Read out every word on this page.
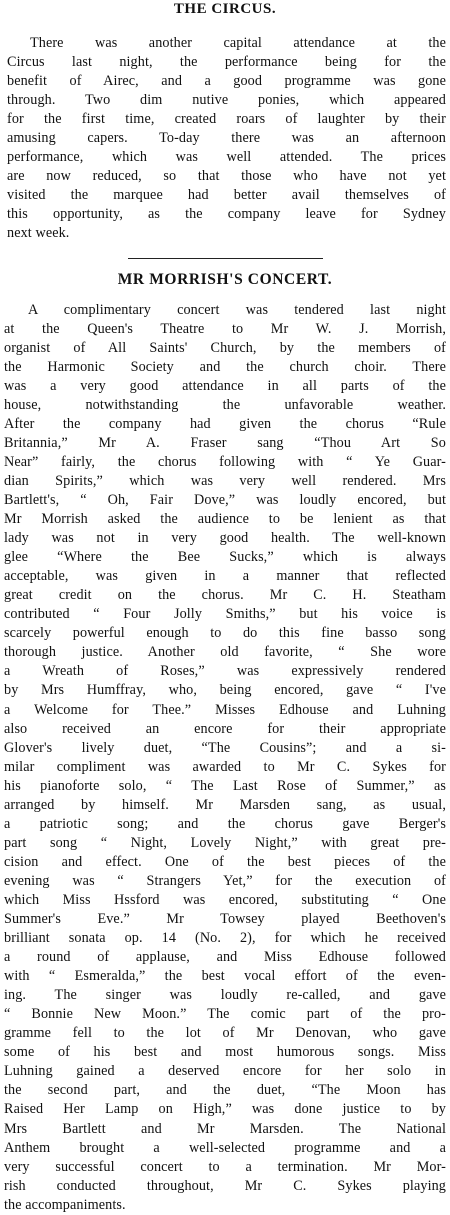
THE CIRCUS.
There was another capital attendance at the
Circus last night, the performance being for the
benefit of Airec, and a good programme was gone
through. Two dim nutive ponies, which appeared
for the first time, created roars of laughter by their
amusing capers. To-day there was an afternoon
performance, which was well attended. The prices
are now reduced, so that those who have not yet
visited the marquee had better avail themselves of
this opportunity, as the company leave for Sydney
next week.
MR MORRISH'S CONCERT.
A complimentary concert was tendered last night
at the Queen's Theatre to Mr W. J. Morrish,
organist of All Saints' Church, by the members of
the Harmonic Society and the church choir. There
was a very good attendance in all parts of the
house, notwithstanding the unfavorable weather.
After the company had given the chorus “Rule
Britannia,” Mr A. Fraser sang “Thou Art So
Near” fairly, the chorus following with “ Ye Guar-
dian Spirits,” which was very well rendered. Mrs
Bartlett's, “ Oh, Fair Dove,” was loudly encored, but
Mr Morrish asked the audience to be lenient as that
lady was not in very good health. The well-known
glee “Where the Bee Sucks,” which is always
acceptable, was given in a manner that reflected
great credit on the chorus. Mr C. H. Steatham
contributed “ Four Jolly Smiths,” but his voice is
scarcely powerful enough to do this fine basso song
thorough justice. Another old favorite, “ She wore
a Wreath of Roses,” was expressively rendered
by Mrs Humffray, who, being encored, gave “ I've
a Welcome for Thee.” Misses Edhouse and Luhning
also received an encore for their appropriate
Glover's lively duet, “The Cousins”; and a si-
milar compliment was awarded to Mr C. Sykes for
his pianoforte solo, “ The Last Rose of Summer,” as
arranged by himself. Mr Marsden sang, as usual,
a patriotic song; and the chorus gave Berger's
part song “ Night, Lovely Night,” with great pre-
cision and effect. One of the best pieces of the
evening was “ Strangers Yet,” for the execution of
which Miss Hssford was encored, substituting “ One
Summer's Eve.” Mr Towsey played Beethoven's
brilliant sonata op. 14 (No. 2), for which he received
a round of applause, and Miss Edhouse followed
with “ Esmeralda,” the best vocal effort of the even-
ing. The singer was loudly re-called, and gave
“ Bonnie New Moon.” The comic part of the pro-
gramme fell to the lot of Mr Denovan, who gave
some of his best and most humorous songs. Miss
Luhning gained a deserved encore for her solo in
the second part, and the duet, “The Moon has
Raised Her Lamp on High,” was done justice to by
Mrs Bartlett and Mr Marsden. The National
Anthem brought a well-selected programme and a
very successful concert to a termination. Mr Mor-
rish conducted throughout, Mr C. Sykes playing
the accompaniments.
